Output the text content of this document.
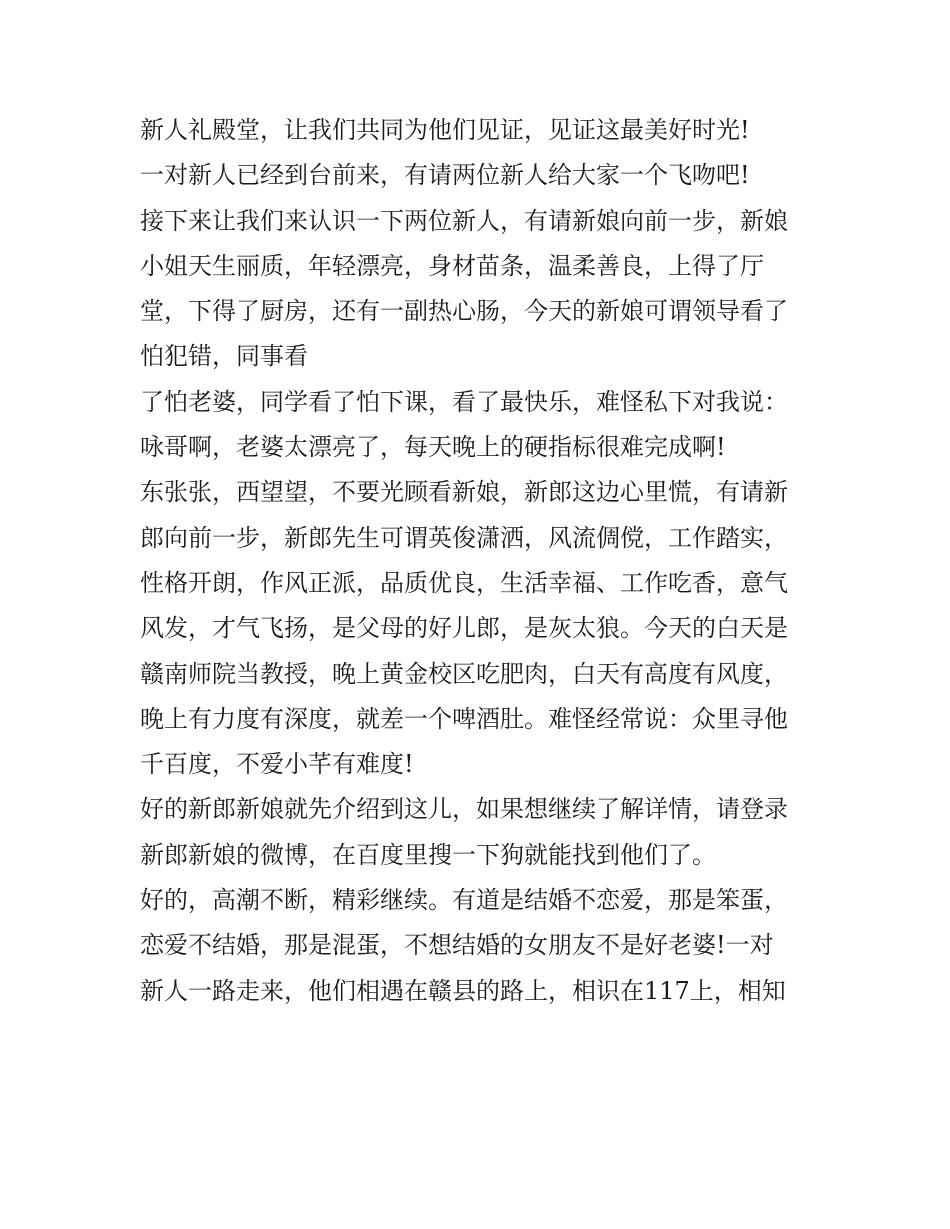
新人礼殿堂，让我们共同为他们见证，见证这最美好时光!
一对新人已经到台前来，有请两位新人给大家一个飞吻吧!
接下来让我们来认识一下两位新人，有请新娘向前一步，新娘
小姐天生丽质，年轻漂亮，身材苗条，温柔善良，上得了厅
堂，下得了厨房，还有一副热心肠，今天的新娘可谓领导看了
怕犯错，同事看
了怕老婆，同学看了怕下课，看了最快乐，难怪私下对我说：
咏哥啊，老婆太漂亮了，每天晚上的硬指标很难完成啊!
东张张，西望望，不要光顾看新娘，新郎这边心里慌，有请新
郎向前一步，新郎先生可谓英俊潇洒，风流倜傥，工作踏实，
性格开朗，作风正派，品质优良，生活幸福、工作吃香，意气
风发，才气飞扬，是父母的好儿郎，是灰太狼。今天的白天是
赣南师院当教授，晚上黄金校区吃肥肉，白天有高度有风度，
晚上有力度有深度，就差一个啤酒肚。难怪经常说：众里寻他
千百度，不爱小芊有难度!
好的新郎新娘就先介绍到这儿，如果想继续了解详情，请登录
新郎新娘的微博，在百度里搜一下狗就能找到他们了。
好的，高潮不断，精彩继续。有道是结婚不恋爱，那是笨蛋，
恋爱不结婚，那是混蛋，不想结婚的女朋友不是好老婆!一对
新人一路走来，他们相遇在赣县的路上，相识在117上，相知
